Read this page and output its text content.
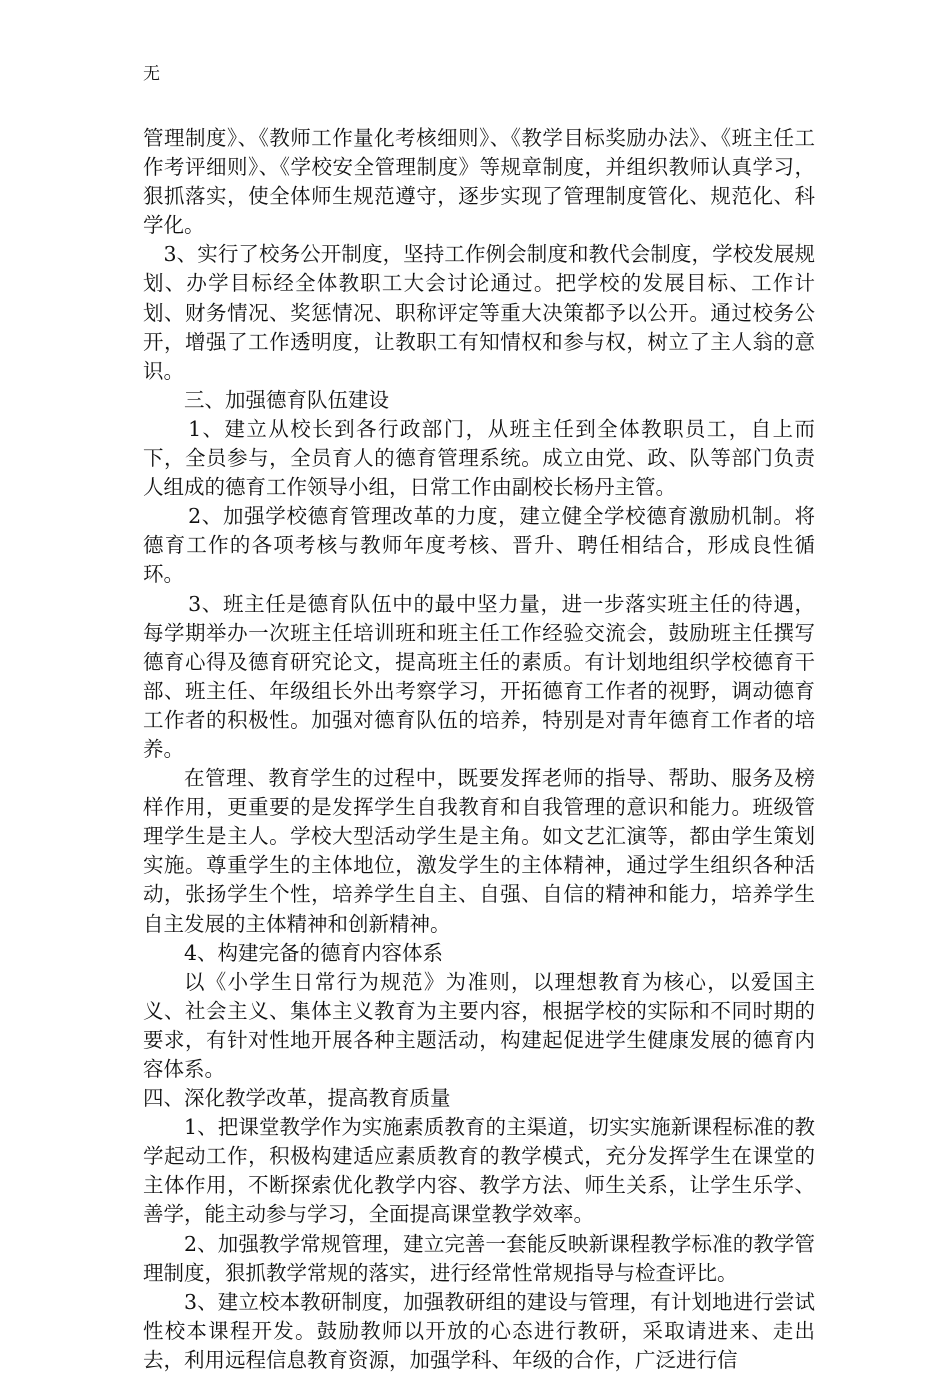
无

管理制度》、《教师工作量化考核细则》、《教学目标奖励办法》、《班主任工作考评细则》、《学校安全管理制度》等规章制度，并组织教师认真学习，狠抓落实，使全体师生规范遵守，逐步实现了管理制度管化、规范化、科学化。

3、实行了校务公开制度，坚持工作例会制度和教代会制度，学校发展规划、办学目标经全体教职工大会讨论通过。把学校的发展目标、工作计划、财务情况、奖惩情况、职称评定等重大决策都予以公开。通过校务公开，增强了工作透明度，让教职工有知情权和参与权，树立了主人翁的意识。

三、加强德育队伍建设

1、建立从校长到各行政部门，从班主任到全体教职员工，自上而下，全员参与，全员育人的德育管理系统。成立由党、政、队等部门负责人组成的德育工作领导小组，日常工作由副校长杨丹主管。

2、加强学校德育管理改革的力度，建立健全学校德育激励机制。将德育工作的各项考核与教师年度考核、晋升、聘任相结合，形成良性循环。

3、班主任是德育队伍中的最中坚力量，进一步落实班主任的待遇，每学期举办一次班主任培训班和班主任工作经验交流会，鼓励班主任撰写德育心得及德育研究论文，提高班主任的素质。有计划地组织学校德育干部、班主任、年级组长外出考察学习，开拓德育工作者的视野，调动德育工作者的积极性。加强对德育队伍的培养，特别是对青年德育工作者的培养。

在管理、教育学生的过程中，既要发挥老师的指导、帮助、服务及榜样作用，更重要的是发挥学生自我教育和自我管理的意识和能力。班级管理学生是主人。学校大型活动学生是主角。如文艺汇演等，都由学生策划实施。尊重学生的主体地位，激发学生的主体精神，通过学生组织各种活动，张扬学生个性，培养学生自主、自强、自信的精神和能力，培养学生自主发展的主体精神和创新精神。

4、构建完备的德育内容体系

以《小学生日常行为规范》为准则，以理想教育为核心，以爱国主义、社会主义、集体主义教育为主要内容，根据学校的实际和不同时期的要求，有针对性地开展各种主题活动，构建起促进学生健康发展的德育内容体系。

四、深化教学改革，提高教育质量

1、把课堂教学作为实施素质教育的主渠道，切实实施新课程标准的教学起动工作，积极构建适应素质教育的教学模式，充分发挥学生在课堂的主体作用，不断探索优化教学内容、教学方法、师生关系，让学生乐学、善学，能主动参与学习，全面提高课堂教学效率。

2、加强教学常规管理，建立完善一套能反映新课程教学标准的教学管理制度，狠抓教学常规的落实，进行经常性常规指导与检查评比。

3、建立校本教研制度，加强教研组的建设与管理，有计划地进行尝试性校本课程开发。鼓励教师以开放的心态进行教研，采取请进来、走出去，利用远程信息教育资源，加强学科、年级的合作，广泛进行信
